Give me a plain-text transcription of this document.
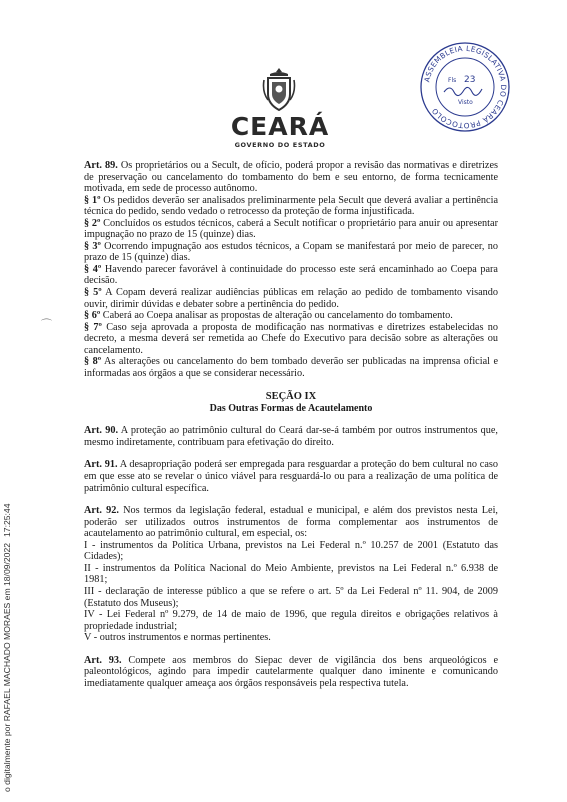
CEARÁ
GOVERNO DO ESTADO
ASSEMBLEIA LEGISLATIVA DO CEARÁ PROTOCOLO
Fls 23
Visto
o digitalmente por RAFAEL MACHADO MORAES em 18/09/202217:25:44
⌒

Art. 89. Os proprietários ou a Secult, de ofício, poderá propor a revisão das normativas e diretrizes de preservação ou cancelamento do tombamento do bem e seu entorno, de forma tecnicamente motivada, em sede de processo autônomo.

§ 1º Os pedidos deverão ser analisados preliminarmente pela Secult que deverá avaliar a pertinência técnica do pedido, sendo vedado o retrocesso da proteção de forma injustificada.

§ 2º Concluídos os estudos técnicos, caberá a Secult notificar o proprietário para anuir ou apresentar impugnação no prazo de 15 (quinze) dias.

§ 3º Ocorrendo impugnação aos estudos técnicos, a Copam se manifestará por meio de parecer, no prazo de 15 (quinze) dias.

§ 4º Havendo parecer favorável à continuidade do processo este será encaminhado ao Coepa para decisão.

§ 5º A Copam deverá realizar audiências públicas em relação ao pedido de tombamento visando ouvir, dirimir dúvidas e debater sobre a pertinência do pedido.

§ 6º Caberá ao Coepa analisar as propostas de alteração ou cancelamento do tombamento.

§ 7º Caso seja aprovada a proposta de modificação nas normativas e diretrizes estabelecidas no decreto, a mesma deverá ser remetida ao Chefe do Executivo para decisão sobre as alterações ou cancelamento.

§ 8º As alterações ou cancelamento do bem tombado deverão ser publicadas na imprensa oficial e informadas aos órgãos a que se considerar necessário.

SEÇÃO IX
Das Outras Formas de Acautelamento

Art. 90. A proteção ao patrimônio cultural do Ceará dar-se-á também por outros instrumentos que, mesmo indiretamente, contribuam para efetivação do direito.

Art. 91. A desapropriação poderá ser empregada para resguardar a proteção do bem cultural no caso em que esse ato se revelar o único viável para resguardá-lo ou para a realização de uma política de patrimônio cultural específica.

Art. 92. Nos termos da legislação federal, estadual e municipal, e além dos previstos nesta Lei, poderão ser utilizados outros instrumentos de forma complementar aos instrumentos de acautelamento ao patrimônio cultural, em especial, os:

I - instrumentos da Política Urbana, previstos na Lei Federal n.º 10.257 de 2001 (Estatuto das Cidades);

II - instrumentos da Política Nacional do Meio Ambiente, previstos na Lei Federal n.º 6.938 de 1981;

III - declaração de interesse público a que se refere o art. 5º da Lei Federal nº 11. 904, de 2009 (Estatuto dos Museus);

IV - Lei Federal nº 9.279, de 14 de maio de 1996, que regula direitos e obrigações relativos à propriedade industrial;

V - outros instrumentos e normas pertinentes.

Art. 93. Compete aos membros do Siepac dever de vigilância dos bens arqueológicos e paleontológicos, agindo para impedir cautelarmente qualquer dano iminente e comunicando imediatamente qualquer ameaça aos órgãos responsáveis pela respectiva tutela.
